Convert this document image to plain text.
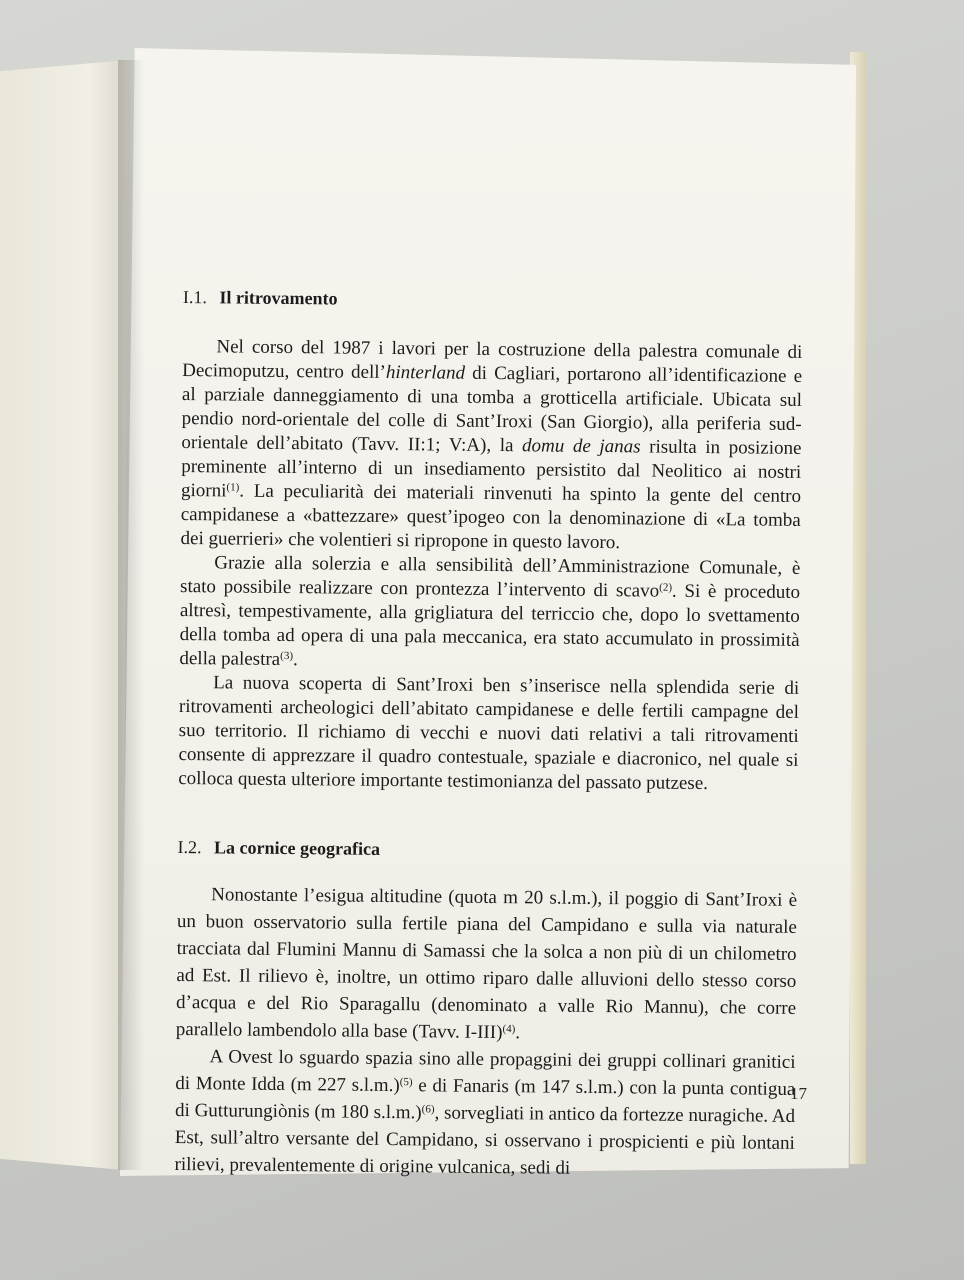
I.1. Il ritrovamento

Nel corso del 1987 i lavori per la costruzione della palestra comunale di Decimoputzu, centro dell’hinterland di Cagliari, portarono all’identificazione e al parziale danneggiamento di una tomba a grotticella artificiale. Ubicata sul pendio nord-orientale del colle di Sant’Iroxi (San Giorgio), alla periferia sud-orientale dell’abitato (Tavv. II:1; V:A), la domu de janas risulta in posizione preminente all’interno di un insediamento persistito dal Neolitico ai nostri giorni$^{(1)}$. La peculiarità dei materiali rinvenuti ha spinto la gente del centro campidanese a «battezzare» quest’ipogeo con la denominazione di «La tomba dei guerrieri» che volentieri si ripropone in questo lavoro.

Grazie alla solerzia e alla sensibilità dell’Amministrazione Comunale, è stato possibile realizzare con prontezza l’intervento di scavo$^{(2)}$. Si è proceduto altresì, tempestivamente, alla grigliatura del terriccio che, dopo lo svettamento della tomba ad opera di una pala meccanica, era stato accumulato in prossimità della palestra$^{(3)}$.

La nuova scoperta di Sant’Iroxi ben s’inserisce nella splendida serie di ritrovamenti archeologici dell’abitato campidanese e delle fertili campagne del suo territorio. Il richiamo di vecchi e nuovi dati relativi a tali ritrovamenti consente di apprezzare il quadro contestuale, spaziale e diacronico, nel quale si colloca questa ulteriore importante testimonianza del passato putzese.

I.2. La cornice geografica

Nonostante l’esigua altitudine (quota m 20 s.l.m.), il poggio di Sant’Iroxi è un buon osservatorio sulla fertile piana del Campidano e sulla via naturale tracciata dal Flumini Mannu di Samassi che la solca a non più di un chilometro ad Est. Il rilievo è, inoltre, un ottimo riparo dalle alluvioni dello stesso corso d’acqua e del Rio Sparagallu (denominato a valle Rio Mannu), che corre parallelo lambendolo alla base (Tavv. I-III)$^{(4)}$.

A Ovest lo sguardo spazia sino alle propaggini dei gruppi collinari granitici di Monte Idda (m 227 s.l.m.)$^{(5)}$ e di Fanaris (m 147 s.l.m.) con la punta contigua di Gutturungiònis (m 180 s.l.m.)$^{(6)}$, sorvegliati in antico da fortezze nuragiche. Ad Est, sull’altro versante del Campidano, si osservano i prospicienti e più lontani rilievi, prevalentemente di origine vulcanica, sedi di

17
